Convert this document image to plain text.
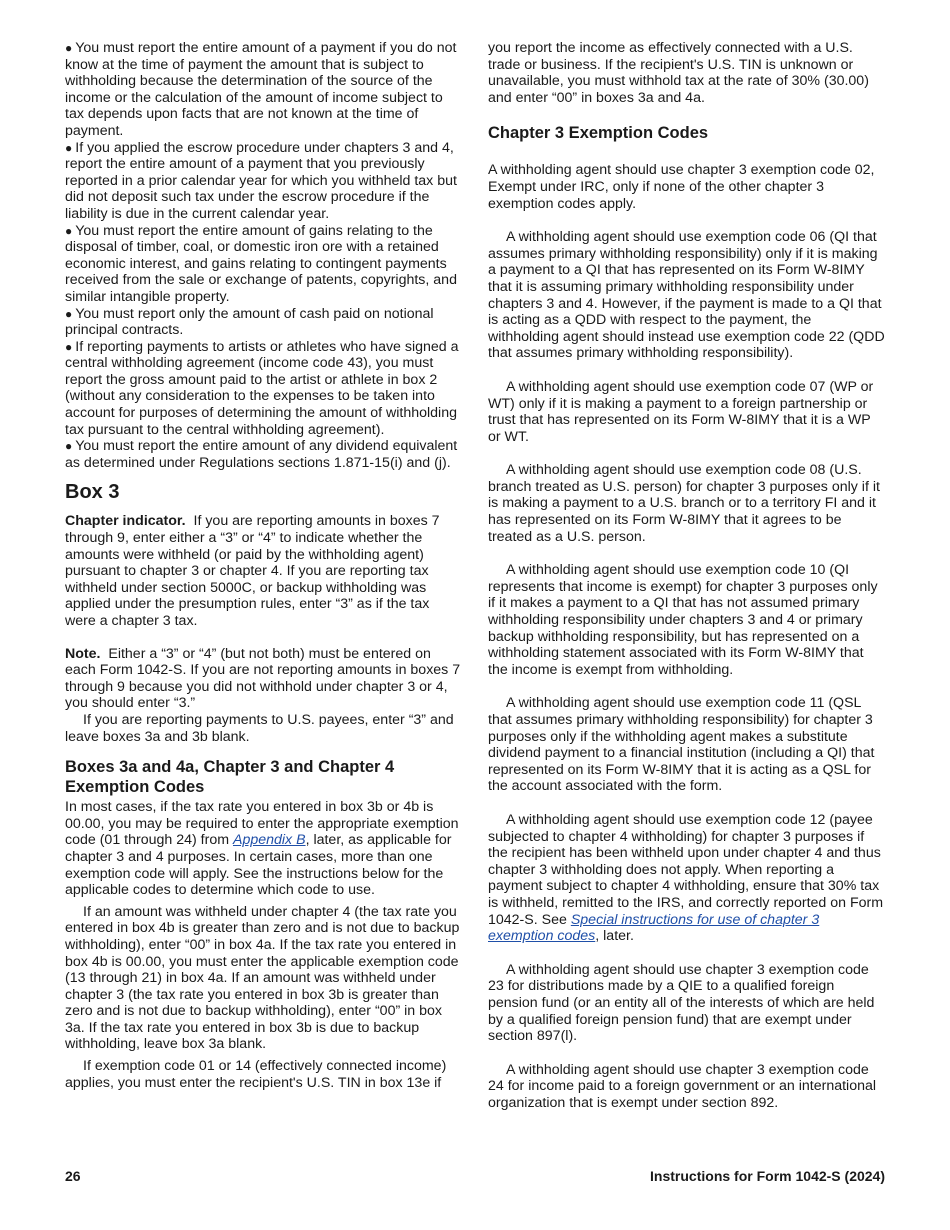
● You must report the entire amount of a payment if you do not know at the time of payment the amount that is subject to withholding because the determination of the source of the income or the calculation of the amount of income subject to tax depends upon facts that are not known at the time of payment.

● If you applied the escrow procedure under chapters 3 and 4, report the entire amount of a payment that you previously reported in a prior calendar year for which you withheld tax but did not deposit such tax under the escrow procedure if the liability is due in the current calendar year.

● You must report the entire amount of gains relating to the disposal of timber, coal, or domestic iron ore with a retained economic interest, and gains relating to contingent payments received from the sale or exchange of patents, copyrights, and similar intangible property.

● You must report only the amount of cash paid on notional principal contracts.

● If reporting payments to artists or athletes who have signed a central withholding agreement (income code 43), you must report the gross amount paid to the artist or athlete in box 2 (without any consideration to the expenses to be taken into account for purposes of determining the amount of withholding tax pursuant to the central withholding agreement).

● You must report the entire amount of any dividend equivalent as determined under Regulations sections 1.871-15(i) and (j).

Box 3

Chapter indicator. If you are reporting amounts in boxes 7 through 9, enter either a “3” or “4” to indicate whether the amounts were withheld (or paid by the withholding agent) pursuant to chapter 3 or chapter 4. If you are reporting tax withheld under section 5000C, or backup withholding was applied under the presumption rules, enter “3” as if the tax were a chapter 3 tax.

Note. Either a “3” or “4” (but not both) must be entered on each Form 1042-S. If you are not reporting amounts in boxes 7 through 9 because you did not withhold under chapter 3 or 4, you should enter “3.”

If you are reporting payments to U.S. payees, enter “3” and leave boxes 3a and 3b blank.

Boxes 3a and 4a, Chapter 3 and Chapter 4 Exemption Codes

In most cases, if the tax rate you entered in box 3b or 4b is 00.00, you may be required to enter the appropriate exemption code (01 through 24) from Appendix B, later, as applicable for chapter 3 and 4 purposes. In certain cases, more than one exemption code will apply. See the instructions below for the applicable codes to determine which code to use.

If an amount was withheld under chapter 4 (the tax rate you entered in box 4b is greater than zero and is not due to backup withholding), enter “00” in box 4a. If the tax rate you entered in box 4b is 00.00, you must enter the applicable exemption code (13 through 21) in box 4a. If an amount was withheld under chapter 3 (the tax rate you entered in box 3b is greater than zero and is not due to backup withholding), enter “00” in box 3a. If the tax rate you entered in box 3b is due to backup withholding, leave box 3a blank.

If exemption code 01 or 14 (effectively connected income) applies, you must enter the recipient's U.S. TIN in box 13e if

you report the income as effectively connected with a U.S. trade or business. If the recipient's U.S. TIN is unknown or unavailable, you must withhold tax at the rate of 30% (30.00) and enter “00” in boxes 3a and 4a.

Chapter 3 Exemption Codes

A withholding agent should use chapter 3 exemption code 02, Exempt under IRC, only if none of the other chapter 3 exemption codes apply.

A withholding agent should use exemption code 06 (QI that assumes primary withholding responsibility) only if it is making a payment to a QI that has represented on its Form W-8IMY that it is assuming primary withholding responsibility under chapters 3 and 4. However, if the payment is made to a QI that is acting as a QDD with respect to the payment, the withholding agent should instead use exemption code 22 (QDD that assumes primary withholding responsibility).

A withholding agent should use exemption code 07 (WP or WT) only if it is making a payment to a foreign partnership or trust that has represented on its Form W-8IMY that it is a WP or WT.

A withholding agent should use exemption code 08 (U.S. branch treated as U.S. person) for chapter 3 purposes only if it is making a payment to a U.S. branch or to a territory FI and it has represented on its Form W-8IMY that it agrees to be treated as a U.S. person.

A withholding agent should use exemption code 10 (QI represents that income is exempt) for chapter 3 purposes only if it makes a payment to a QI that has not assumed primary withholding responsibility under chapters 3 and 4 or primary backup withholding responsibility, but has represented on a withholding statement associated with its Form W-8IMY that the income is exempt from withholding.

A withholding agent should use exemption code 11 (QSL that assumes primary withholding responsibility) for chapter 3 purposes only if the withholding agent makes a substitute dividend payment to a financial institution (including a QI) that represented on its Form W-8IMY that it is acting as a QSL for the account associated with the form.

A withholding agent should use exemption code 12 (payee subjected to chapter 4 withholding) for chapter 3 purposes if the recipient has been withheld upon under chapter 4 and thus chapter 3 withholding does not apply. When reporting a payment subject to chapter 4 withholding, ensure that 30% tax is withheld, remitted to the IRS, and correctly reported on Form 1042-S. See Special instructions for use of chapter 3 exemption codes, later.

A withholding agent should use chapter 3 exemption code 23 for distributions made by a QIE to a qualified foreign pension fund (or an entity all of the interests of which are held by a qualified foreign pension fund) that are exempt under section 897(l).

A withholding agent should use chapter 3 exemption code 24 for income paid to a foreign government or an international organization that is exempt under section 892.

26	Instructions for Form 1042-S (2024)
